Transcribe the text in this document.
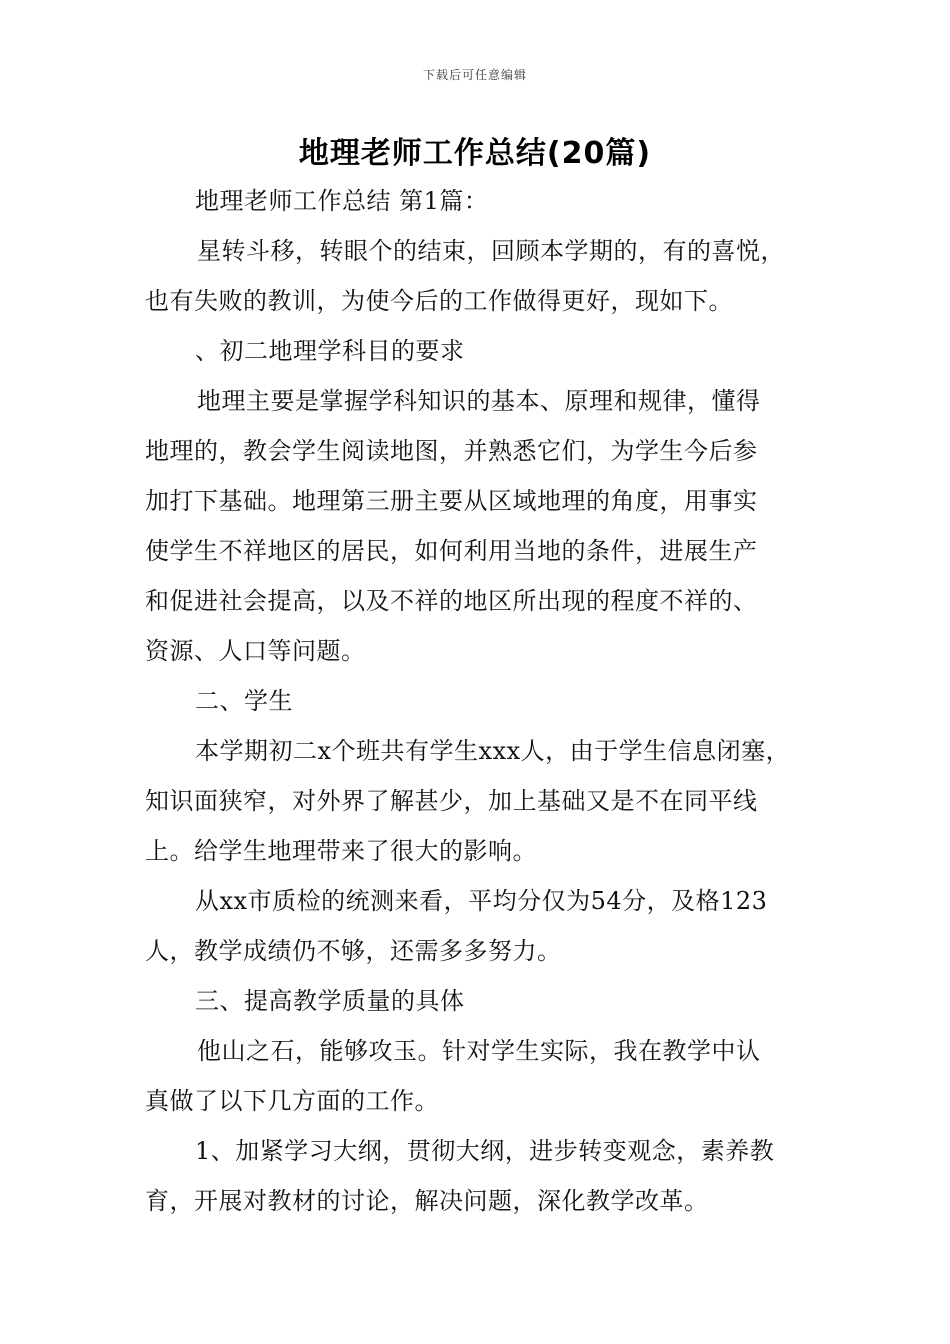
下载后可任意编辑
地理老师工作总结(20篇)
地理老师工作总结 第1篇：
星转斗移，转眼个的结束，回顾本学期的，有的喜悦，
也有失败的教训，为使今后的工作做得更好，现如下。
、初二地理学科目的要求
地理主要是掌握学科知识的基本、原理和规律，懂得
地理的，教会学生阅读地图，并熟悉它们，为学生今后参
加打下基础。地理第三册主要从区域地理的角度，用事实
使学生不祥地区的居民，如何利用当地的条件，进展生产
和促进社会提高，以及不祥的地区所出现的程度不祥的、
资源、人口等问题。
二、学生
本学期初二x个班共有学生xxx人，由于学生信息闭塞，
知识面狭窄，对外界了解甚少，加上基础又是不在同平线
上。给学生地理带来了很大的影响。
从xx市质检的统测来看，平均分仅为54分，及格123
人，教学成绩仍不够，还需多多努力。
三、提高教学质量的具体
他山之石，能够攻玉。针对学生实际，我在教学中认
真做了以下几方面的工作。
1、加紧学习大纲，贯彻大纲，进步转变观念，素养教
育，开展对教材的讨论，解决问题，深化教学改革。
